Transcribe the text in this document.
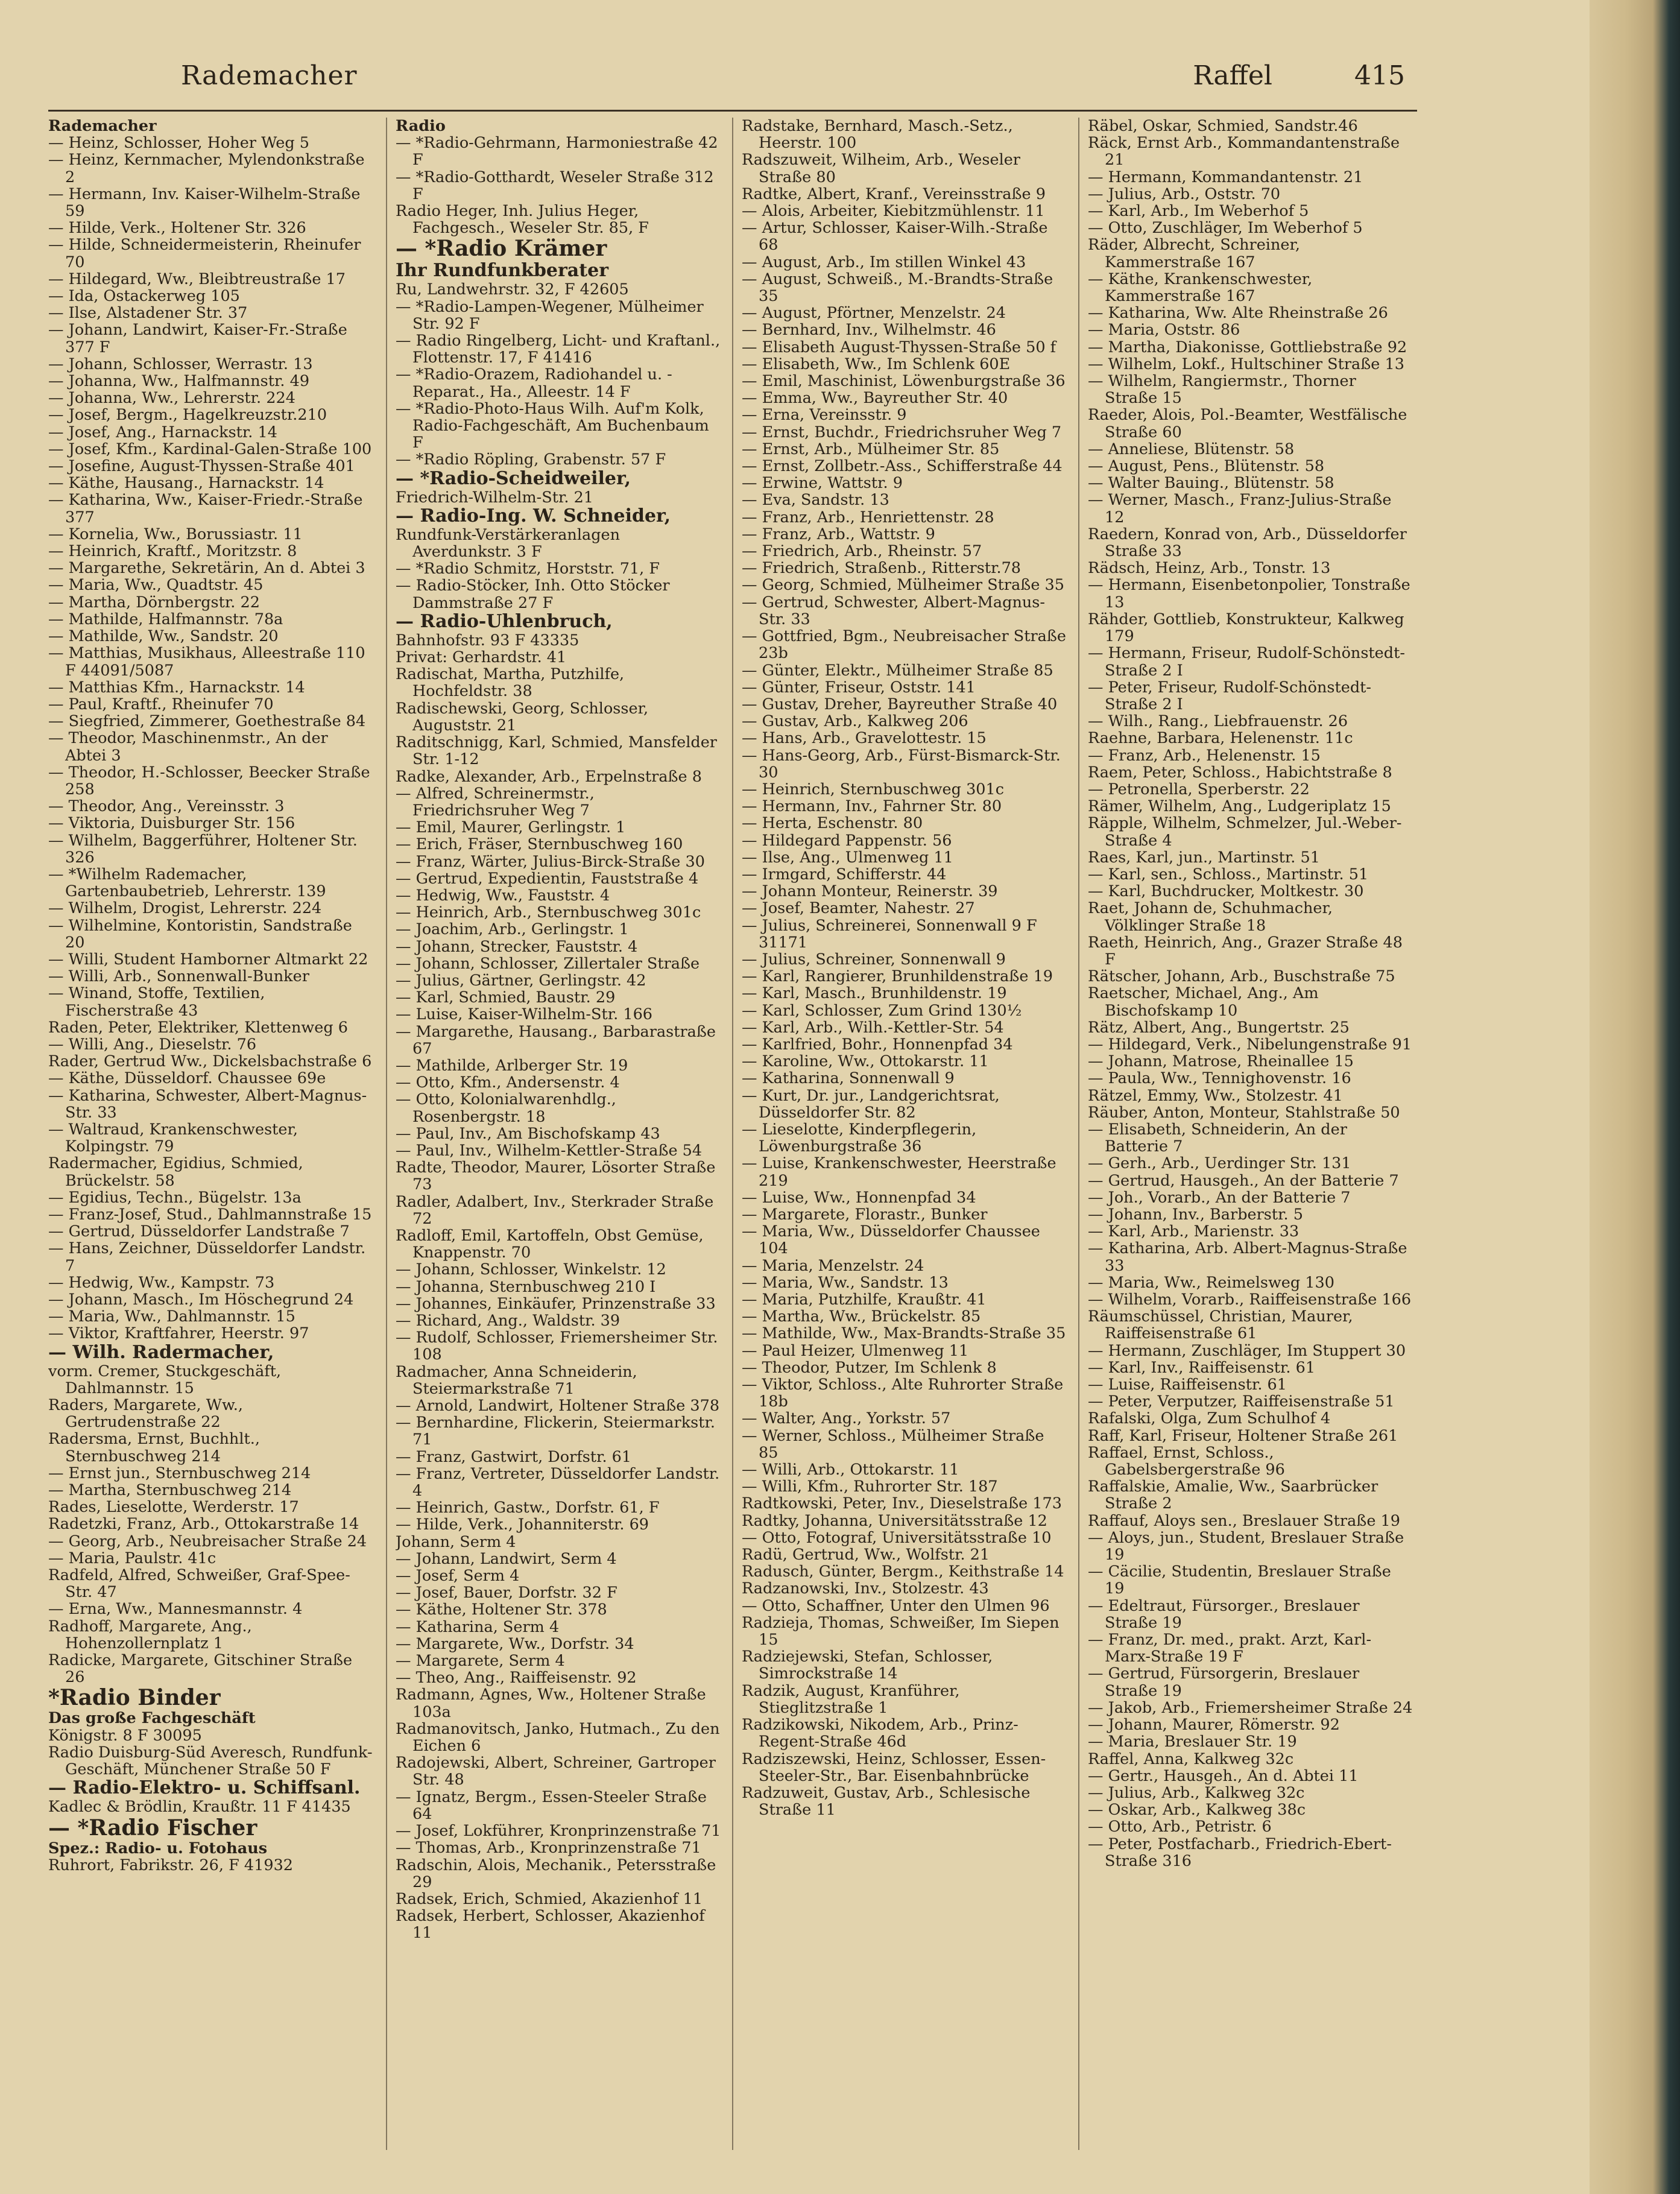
Rademacher	Raffel	415

Rademacher

— Heinz, Schlosser, Hoher Weg 5

— Heinz, Kernmacher, Mylendonkstraße 2

— Hermann, Inv. Kaiser-Wilhelm-Straße 59

— Hilde, Verk., Holtener Str. 326

— Hilde, Schneidermeisterin, Rheinufer 70

— Hildegard, Ww., Bleibtreustraße 17

— Ida, Ostackerweg 105

— Ilse, Alstadener Str. 37

— Johann, Landwirt, Kaiser-Fr.-Straße 377 F

— Johann, Schlosser, Werrastr. 13

— Johanna, Ww., Halfmannstr. 49

— Johanna, Ww., Lehrerstr. 224

— Josef, Bergm., Hagelkreuzstr.210

— Josef, Ang., Harnackstr. 14

— Josef, Kfm., Kardinal-Galen-Straße 100

— Josefine, August-Thyssen-Straße 401

— Käthe, Hausang., Harnackstr. 14

— Katharina, Ww., Kaiser-Friedr.-Straße 377

— Kornelia, Ww., Borussiastr. 11

— Heinrich, Kraftf., Moritzstr. 8

— Margarethe, Sekretärin, An d. Abtei 3

— Maria, Ww., Quadtstr. 45

— Martha, Dörnbergstr. 22

— Mathilde, Halfmannstr. 78a

— Mathilde, Ww., Sandstr. 20

— Matthias, Musikhaus, Alleestraße 110 F 44091/5087

— Matthias Kfm., Harnackstr. 14

— Paul, Kraftf., Rheinufer 70

— Siegfried, Zimmerer, Goethestraße 84

— Theodor, Maschinenmstr., An der Abtei 3

— Theodor, H.-Schlosser, Beecker Straße 258

— Theodor, Ang., Vereinsstr. 3

— Viktoria, Duisburger Str. 156

— Wilhelm, Baggerführer, Holtener Str. 326

— *Wilhelm Rademacher, Gartenbaubetrieb, Lehrerstr. 139

— Wilhelm, Drogist, Lehrerstr. 224

— Wilhelmine, Kontoristin, Sandstraße 20

— Willi, Student Hamborner Altmarkt 22

— Willi, Arb., Sonnenwall-Bunker

— Winand, Stoffe, Textilien, Fischerstraße 43

Raden, Peter, Elektriker, Klettenweg 6

— Willi, Ang., Dieselstr. 76

Rader, Gertrud Ww., Dickelsbachstraße 6

— Käthe, Düsseldorf. Chaussee 69e

— Katharina, Schwester, Albert-Magnus-Str. 33

— Waltraud, Krankenschwester, Kolpingstr. 79

Radermacher, Egidius, Schmied, Brückelstr. 58

— Egidius, Techn., Bügelstr. 13a

— Franz-Josef, Stud., Dahlmannstraße 15

— Gertrud, Düsseldorfer Landstraße 7

— Hans, Zeichner, Düsseldorfer Landstr. 7

— Hedwig, Ww., Kampstr. 73

— Johann, Masch., Im Höschegrund 24

— Maria, Ww., Dahlmannstr. 15

— Viktor, Kraftfahrer, Heerstr. 97

— Wilh. Radermacher,

vorm. Cremer, Stuckgeschäft, Dahlmannstr. 15

Raders, Margarete, Ww., Gertrudenstraße 22

Radersma, Ernst, Buchhlt., Sternbuschweg 214

— Ernst jun., Sternbuschweg 214

— Martha, Sternbuschweg 214

Rades, Lieselotte, Werderstr. 17

Radetzki, Franz, Arb., Ottokarstraße 14

— Georg, Arb., Neubreisacher Straße 24

— Maria, Paulstr. 41c

Radfeld, Alfred, Schweißer, Graf-Spee-Str. 47

— Erna, Ww., Mannesmannstr. 4

Radhoff, Margarete, Ang., Hohenzollernplatz 1

Radicke, Margarete, Gitschiner Straße 26

*Radio Binder

Das große Fachgeschäft

Königstr. 8 F 30095

Radio Duisburg-Süd Averesch, Rundfunk-Geschäft, Münchener Straße 50 F

— Radio-Elektro- u. Schiffsanl.

Kadlec & Brödlin, Kraußtr. 11 F 41435

— *Radio Fischer

Spez.: Radio- u. Fotohaus

Ruhrort, Fabrikstr. 26, F 41932

Radio

— *Radio-Gehrmann, Harmoniestraße 42 F

— *Radio-Gotthardt, Weseler Straße 312 F

Radio Heger, Inh. Julius Heger, Fachgesch., Weseler Str. 85, F

— *Radio Krämer

Ihr Rundfunkberater

Ru, Landwehrstr. 32, F 42605

— *Radio-Lampen-Wegener, Mülheimer Str. 92 F

— Radio Ringelberg, Licht- und Kraftanl., Flottenstr. 17, F 41416

— *Radio-Orazem, Radiohandel u. -Reparat., Ha., Alleestr. 14 F

— *Radio-Photo-Haus Wilh. Auf'm Kolk, Radio-Fachgeschäft, Am Buchenbaum F

— *Radio Röpling, Grabenstr. 57 F

— *Radio-Scheidweiler,

Friedrich-Wilhelm-Str. 21

— Radio-Ing. W. Schneider,

Rundfunk-Verstärkeranlagen Averdunkstr. 3 F

— *Radio Schmitz, Horststr. 71, F

— Radio-Stöcker, Inh. Otto Stöcker Dammstraße 27 F

— Radio-Uhlenbruch,

Bahnhofstr. 93 F 43335

Privat: Gerhardstr. 41

Radischat, Martha, Putzhilfe, Hochfeldstr. 38

Radischewski, Georg, Schlosser, Auguststr. 21

Raditschnigg, Karl, Schmied, Mansfelder Str. 1-12

Radke, Alexander, Arb., Erpelnstraße 8

— Alfred, Schreinermstr., Friedrichsruher Weg 7

— Emil, Maurer, Gerlingstr. 1

— Erich, Fräser, Sternbuschweg 160

— Franz, Wärter, Julius-Birck-Straße 30

— Gertrud, Expedientin, Fauststraße 4

— Hedwig, Ww., Fauststr. 4

— Heinrich, Arb., Sternbuschweg 301c

— Joachim, Arb., Gerlingstr. 1

— Johann, Strecker, Fauststr. 4

— Johann, Schlosser, Zillertaler Straße

— Julius, Gärtner, Gerlingstr. 42

— Karl, Schmied, Baustr. 29

— Luise, Kaiser-Wilhelm-Str. 166

— Margarethe, Hausang., Barbarastraße 67

— Mathilde, Arlberger Str. 19

— Otto, Kfm., Andersenstr. 4

— Otto, Kolonialwarenhdlg., Rosenbergstr. 18

— Paul, Inv., Am Bischofskamp 43

— Paul, Inv., Wilhelm-Kettler-Straße 54

Radte, Theodor, Maurer, Lösorter Straße 73

Radler, Adalbert, Inv., Sterkrader Straße 72

Radloff, Emil, Kartoffeln, Obst Gemüse, Knappenstr. 70

— Johann, Schlosser, Winkelstr. 12

— Johanna, Sternbuschweg 210 I

— Johannes, Einkäufer, Prinzenstraße 33

— Richard, Ang., Waldstr. 39

— Rudolf, Schlosser, Friemersheimer Str. 108

Radmacher, Anna Schneiderin, Steiermarkstraße 71

— Arnold, Landwirt, Holtener Straße 378

— Bernhardine, Flickerin, Steiermarkstr. 71

— Franz, Gastwirt, Dorfstr. 61

— Franz, Vertreter, Düsseldorfer Landstr. 4

— Heinrich, Gastw., Dorfstr. 61, F

— Hilde, Verk., Johanniterstr. 69

Johann, Serm 4

— Johann, Landwirt, Serm 4

— Josef, Serm 4

— Josef, Bauer, Dorfstr. 32 F

— Käthe, Holtener Str. 378

— Katharina, Serm 4

— Margarete, Ww., Dorfstr. 34

— Margarete, Serm 4

— Theo, Ang., Raiffeisenstr. 92

Radmann, Agnes, Ww., Holtener Straße 103a

Radmanovitsch, Janko, Hutmach., Zu den Eichen 6

Radojewski, Albert, Schreiner, Gartroper Str. 48

— Ignatz, Bergm., Essen-Steeler Straße 64

— Josef, Lokführer, Kronprinzenstraße 71

— Thomas, Arb., Kronprinzenstraße 71

Radschin, Alois, Mechanik., Petersstraße 29

Radsek, Erich, Schmied, Akazienhof 11

Radsek, Herbert, Schlosser, Akazienhof 11

Radstake, Bernhard, Masch.-Setz., Heerstr. 100

Radszuweit, Wilheim, Arb., Weseler Straße 80

Radtke, Albert, Kranf., Vereinsstraße 9

— Alois, Arbeiter, Kiebitzmühlenstr. 11

— Artur, Schlosser, Kaiser-Wilh.-Straße 68

— August, Arb., Im stillen Winkel 43

— August, Schweiß., M.-Brandts-Straße 35

— August, Pförtner, Menzelstr. 24

— Bernhard, Inv., Wilhelmstr. 46

— Elisabeth August-Thyssen-Straße 50 f

— Elisabeth, Ww., Im Schlenk 60E

— Emil, Maschinist, Löwenburgstraße 36

— Emma, Ww., Bayreuther Str. 40

— Erna, Vereinsstr. 9

— Ernst, Buchdr., Friedrichsruher Weg 7

— Ernst, Arb., Mülheimer Str. 85

— Ernst, Zollbetr.-Ass., Schifferstraße 44

— Erwine, Wattstr. 9

— Eva, Sandstr. 13

— Franz, Arb., Henriettenstr. 28

— Franz, Arb., Wattstr. 9

— Friedrich, Arb., Rheinstr. 57

— Friedrich, Straßenb., Ritterstr.78

— Georg, Schmied, Mülheimer Straße 35

— Gertrud, Schwester, Albert-Magnus-Str. 33

— Gottfried, Bgm., Neubreisacher Straße 23b

— Günter, Elektr., Mülheimer Straße 85

— Günter, Friseur, Oststr. 141

— Gustav, Dreher, Bayreuther Straße 40

— Gustav, Arb., Kalkweg 206

— Hans, Arb., Gravelottestr. 15

— Hans-Georg, Arb., Fürst-Bismarck-Str. 30

— Heinrich, Sternbuschweg 301c

— Hermann, Inv., Fahrner Str. 80

— Herta, Eschenstr. 80

— Hildegard Pappenstr. 56

— Ilse, Ang., Ulmenweg 11

— Irmgard, Schifferstr. 44

— Johann Monteur, Reinerstr. 39

— Josef, Beamter, Nahestr. 27

— Julius, Schreinerei, Sonnenwall 9 F 31171

— Julius, Schreiner, Sonnenwall 9

— Karl, Rangierer, Brunhildenstraße 19

— Karl, Masch., Brunhildenstr. 19

— Karl, Schlosser, Zum Grind 130½

— Karl, Arb., Wilh.-Kettler-Str. 54

— Karlfried, Bohr., Honnenpfad 34

— Karoline, Ww., Ottokarstr. 11

— Katharina, Sonnenwall 9

— Kurt, Dr. jur., Landgerichtsrat, Düsseldorfer Str. 82

— Lieselotte, Kinderpflegerin, Löwenburgstraße 36

— Luise, Krankenschwester, Heerstraße 219

— Luise, Ww., Honnenpfad 34

— Margarete, Florastr., Bunker

— Maria, Ww., Düsseldorfer Chaussee 104

— Maria, Menzelstr. 24

— Maria, Ww., Sandstr. 13

— Maria, Putzhilfe, Kraußtr. 41

— Martha, Ww., Brückelstr. 85

— Mathilde, Ww., Max-Brandts-Straße 35

— Paul Heizer, Ulmenweg 11

— Theodor, Putzer, Im Schlenk 8

— Viktor, Schloss., Alte Ruhrorter Straße 18b

— Walter, Ang., Yorkstr. 57

— Werner, Schloss., Mülheimer Straße 85

— Willi, Arb., Ottokarstr. 11

— Willi, Kfm., Ruhrorter Str. 187

Radtkowski, Peter, Inv., Dieselstraße 173

Radtky, Johanna, Universitätsstraße 12

— Otto, Fotograf, Universitätsstraße 10

Radü, Gertrud, Ww., Wolfstr. 21

Radusch, Günter, Bergm., Keithstraße 14

Radzanowski, Inv., Stolzestr. 43

— Otto, Schaffner, Unter den Ulmen 96

Radzieja, Thomas, Schweißer, Im Siepen 15

Radziejewski, Stefan, Schlosser, Simrockstraße 14

Radzik, August, Kranführer, Stieglitzstraße 1

Radzikowski, Nikodem, Arb., Prinz-Regent-Straße 46d

Radziszewski, Heinz, Schlosser, Essen-Steeler-Str., Bar. Eisenbahnbrücke

Radzuweit, Gustav, Arb., Schlesische Straße 11

Räbel, Oskar, Schmied, Sandstr.46

Räck, Ernst Arb., Kommandantenstraße 21

— Hermann, Kommandantenstr. 21

— Julius, Arb., Oststr. 70

— Karl, Arb., Im Weberhof 5

— Otto, Zuschläger, Im Weberhof 5

Räder, Albrecht, Schreiner, Kammerstraße 167

— Käthe, Krankenschwester, Kammerstraße 167

— Katharina, Ww. Alte Rheinstraße 26

— Maria, Oststr. 86

— Martha, Diakonisse, Gottliebstraße 92

— Wilhelm, Lokf., Hultschiner Straße 13

— Wilhelm, Rangiermstr., Thorner Straße 15

Raeder, Alois, Pol.-Beamter, Westfälische Straße 60

— Anneliese, Blütenstr. 58

— August, Pens., Blütenstr. 58

— Walter Bauing., Blütenstr. 58

— Werner, Masch., Franz-Julius-Straße 12

Raedern, Konrad von, Arb., Düsseldorfer Straße 33

Rädsch, Heinz, Arb., Tonstr. 13

— Hermann, Eisenbetonpolier, Tonstraße 13

Rähder, Gottlieb, Konstrukteur, Kalkweg 179

— Hermann, Friseur, Rudolf-Schönstedt-Straße 2 I

— Peter, Friseur, Rudolf-Schönstedt-Straße 2 I

— Wilh., Rang., Liebfrauenstr. 26

Raehne, Barbara, Helenenstr. 11c

— Franz, Arb., Helenenstr. 15

Raem, Peter, Schloss., Habichtstraße 8

— Petronella, Sperberstr. 22

Rämer, Wilhelm, Ang., Ludgeriplatz 15

Räpple, Wilhelm, Schmelzer, Jul.-Weber-Straße 4

Raes, Karl, jun., Martinstr. 51

— Karl, sen., Schloss., Martinstr. 51

— Karl, Buchdrucker, Moltkestr. 30

Raet, Johann de, Schuhmacher, Völklinger Straße 18

Raeth, Heinrich, Ang., Grazer Straße 48 F

Rätscher, Johann, Arb., Buschstraße 75

Raetscher, Michael, Ang., Am Bischofskamp 10

Rätz, Albert, Ang., Bungertstr. 25

— Hildegard, Verk., Nibelungenstraße 91

— Johann, Matrose, Rheinallee 15

— Paula, Ww., Tennighovenstr. 16

Rätzel, Emmy, Ww., Stolzestr. 41

Räuber, Anton, Monteur, Stahlstraße 50

— Elisabeth, Schneiderin, An der Batterie 7

— Gerh., Arb., Uerdinger Str. 131

— Gertrud, Hausgeh., An der Batterie 7

— Joh., Vorarb., An der Batterie 7

— Johann, Inv., Barberstr. 5

— Karl, Arb., Marienstr. 33

— Katharina, Arb. Albert-Magnus-Straße 33

— Maria, Ww., Reimelsweg 130

— Wilhelm, Vorarb., Raiffeisenstraße 166

Räumschüssel, Christian, Maurer, Raiffeisenstraße 61

— Hermann, Zuschläger, Im Stuppert 30

— Karl, Inv., Raiffeisenstr. 61

— Luise, Raiffeisenstr. 61

— Peter, Verputzer, Raiffeisenstraße 51

Rafalski, Olga, Zum Schulhof 4

Raff, Karl, Friseur, Holtener Straße 261

Raffael, Ernst, Schloss., Gabelsbergerstraße 96

Raffalskie, Amalie, Ww., Saarbrücker Straße 2

Raffauf, Aloys sen., Breslauer Straße 19

— Aloys, jun., Student, Breslauer Straße 19

— Cäcilie, Studentin, Breslauer Straße 19

— Edeltraut, Fürsorger., Breslauer Straße 19

— Franz, Dr. med., prakt. Arzt, Karl-Marx-Straße 19 F

— Gertrud, Fürsorgerin, Breslauer Straße 19

— Jakob, Arb., Friemersheimer Straße 24

— Johann, Maurer, Römerstr. 92

— Maria, Breslauer Str. 19

Raffel, Anna, Kalkweg 32c

— Gertr., Hausgeh., An d. Abtei 11

— Julius, Arb., Kalkweg 32c

— Oskar, Arb., Kalkweg 38c

— Otto, Arb., Petristr. 6

— Peter, Postfacharb., Friedrich-Ebert-Straße 316
